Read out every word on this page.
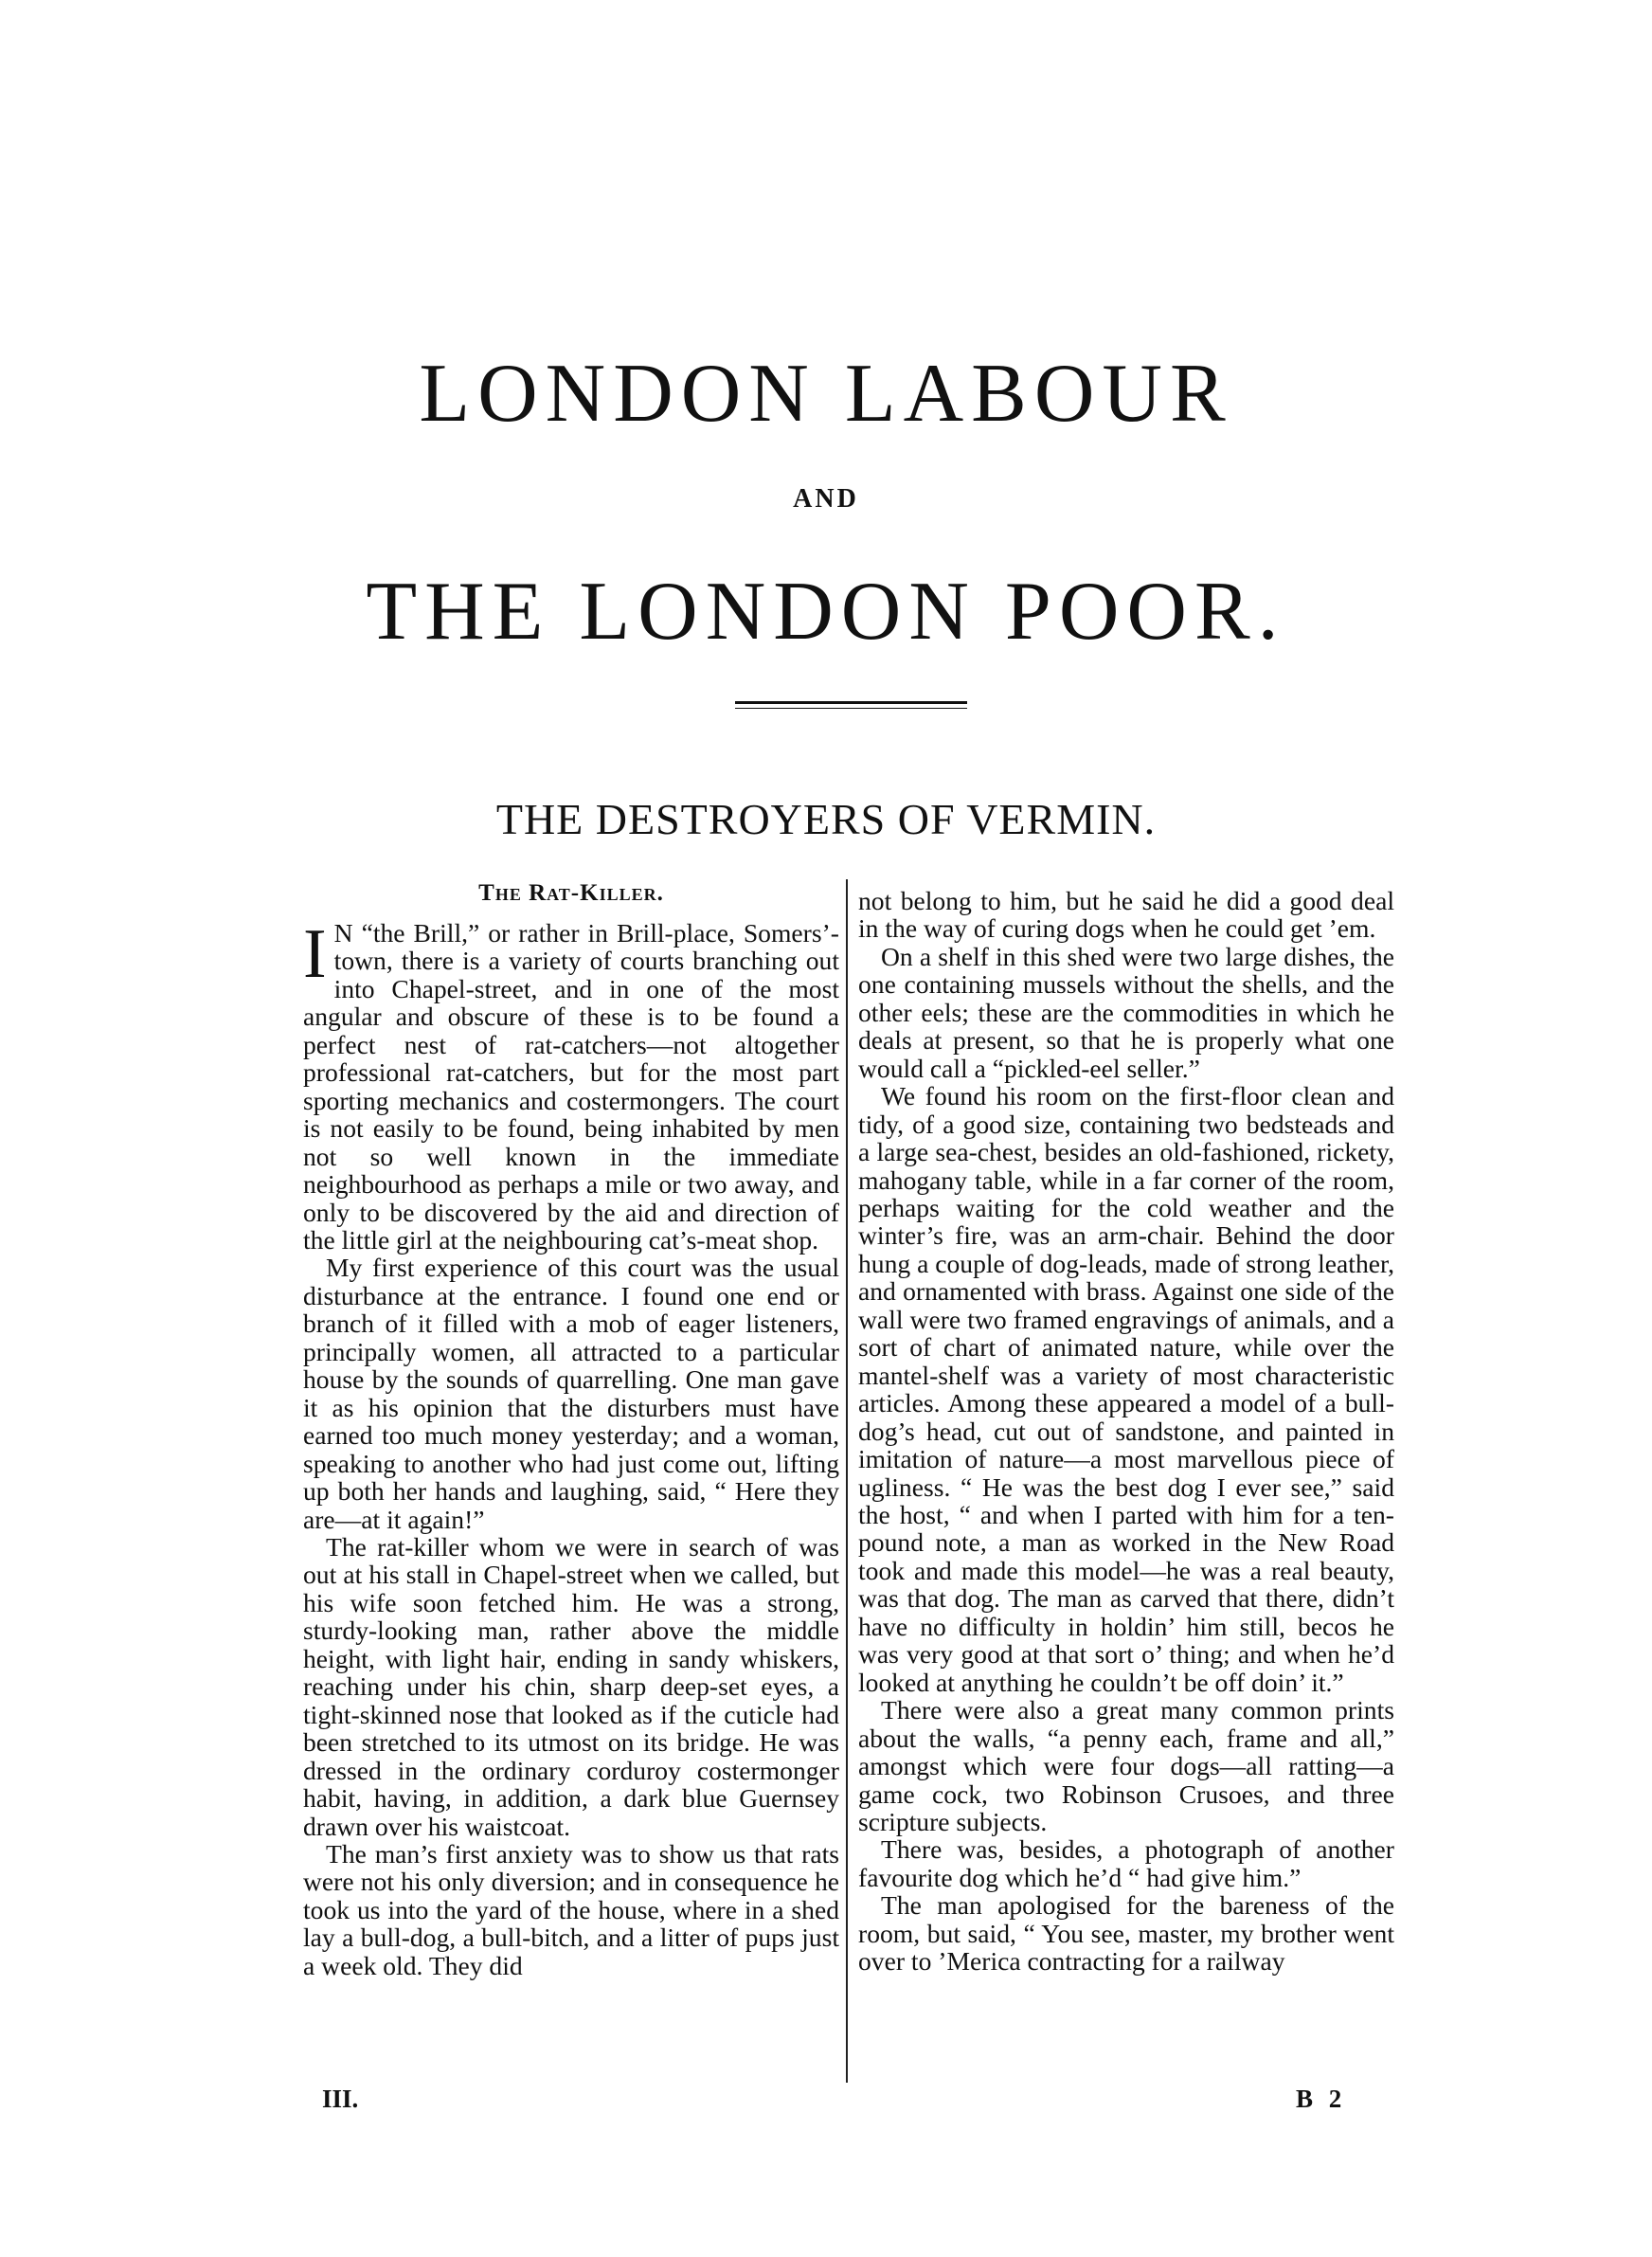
LONDON LABOUR
AND
THE LONDON POOR.
THE DESTROYERS OF VERMIN.
The Rat-Killer.

I N “the Brill,” or rather in Brill-place, Somers’-town, there is a variety of courts branching out into Chapel-street, and in one of the most angular and obscure of these is to be found a perfect nest of rat-catchers—not altogether professional rat-catchers, but for the most part sporting mechanics and costermongers. The court is not easily to be found, being inhabited by men not so well known in the immediate neighbourhood as perhaps a mile or two away, and only to be discovered by the aid and direction of the little girl at the neighbouring cat’s-meat shop.

My first experience of this court was the usual disturbance at the entrance. I found one end or branch of it filled with a mob of eager listeners, principally women, all attracted to a particular house by the sounds of quarrelling. One man gave it as his opinion that the disturbers must have earned too much money yesterday; and a woman, speaking to another who had just come out, lifting up both her hands and laughing, said, “ Here they are—at it again!”

The rat-killer whom we were in search of was out at his stall in Chapel-street when we called, but his wife soon fetched him. He was a strong, sturdy-looking man, rather above the middle height, with light hair, ending in sandy whiskers, reaching under his chin, sharp deep-set eyes, a tight-skinned nose that looked as if the cuticle had been stretched to its utmost on its bridge. He was dressed in the ordinary corduroy costermonger habit, having, in addition, a dark blue Guernsey drawn over his waistcoat.

The man’s first anxiety was to show us that rats were not his only diversion; and in consequence he took us into the yard of the house, where in a shed lay a bull-dog, a bull-bitch, and a litter of pups just a week old. They did

not belong to him, but he said he did a good deal in the way of curing dogs when he could get ’em.

On a shelf in this shed were two large dishes, the one containing mussels without the shells, and the other eels; these are the commodities in which he deals at present, so that he is properly what one would call a “pickled-eel seller.”

We found his room on the first-floor clean and tidy, of a good size, containing two bedsteads and a large sea-chest, besides an old-fashioned, rickety, mahogany table, while in a far corner of the room, perhaps waiting for the cold weather and the winter’s fire, was an arm-chair. Behind the door hung a couple of dog-leads, made of strong leather, and ornamented with brass. Against one side of the wall were two framed engravings of animals, and a sort of chart of animated nature, while over the mantel-shelf was a variety of most characteristic articles. Among these appeared a model of a bull-dog’s head, cut out of sandstone, and painted in imitation of nature—a most marvellous piece of ugliness. “ He was the best dog I ever see,” said the host, “ and when I parted with him for a ten-pound note, a man as worked in the New Road took and made this model—he was a real beauty, was that dog. The man as carved that there, didn’t have no difficulty in holdin’ him still, becos he was very good at that sort o’ thing; and when he’d looked at anything he couldn’t be off doin’ it.”

There were also a great many common prints about the walls, “a penny each, frame and all,” amongst which were four dogs—all ratting—a game cock, two Robinson Crusoes, and three scripture subjects.

There was, besides, a photograph of another favourite dog which he’d “ had give him.”

The man apologised for the bareness of the room, but said, “ You see, master, my brother went over to ’Merica contracting for a railway

III.	B 2
